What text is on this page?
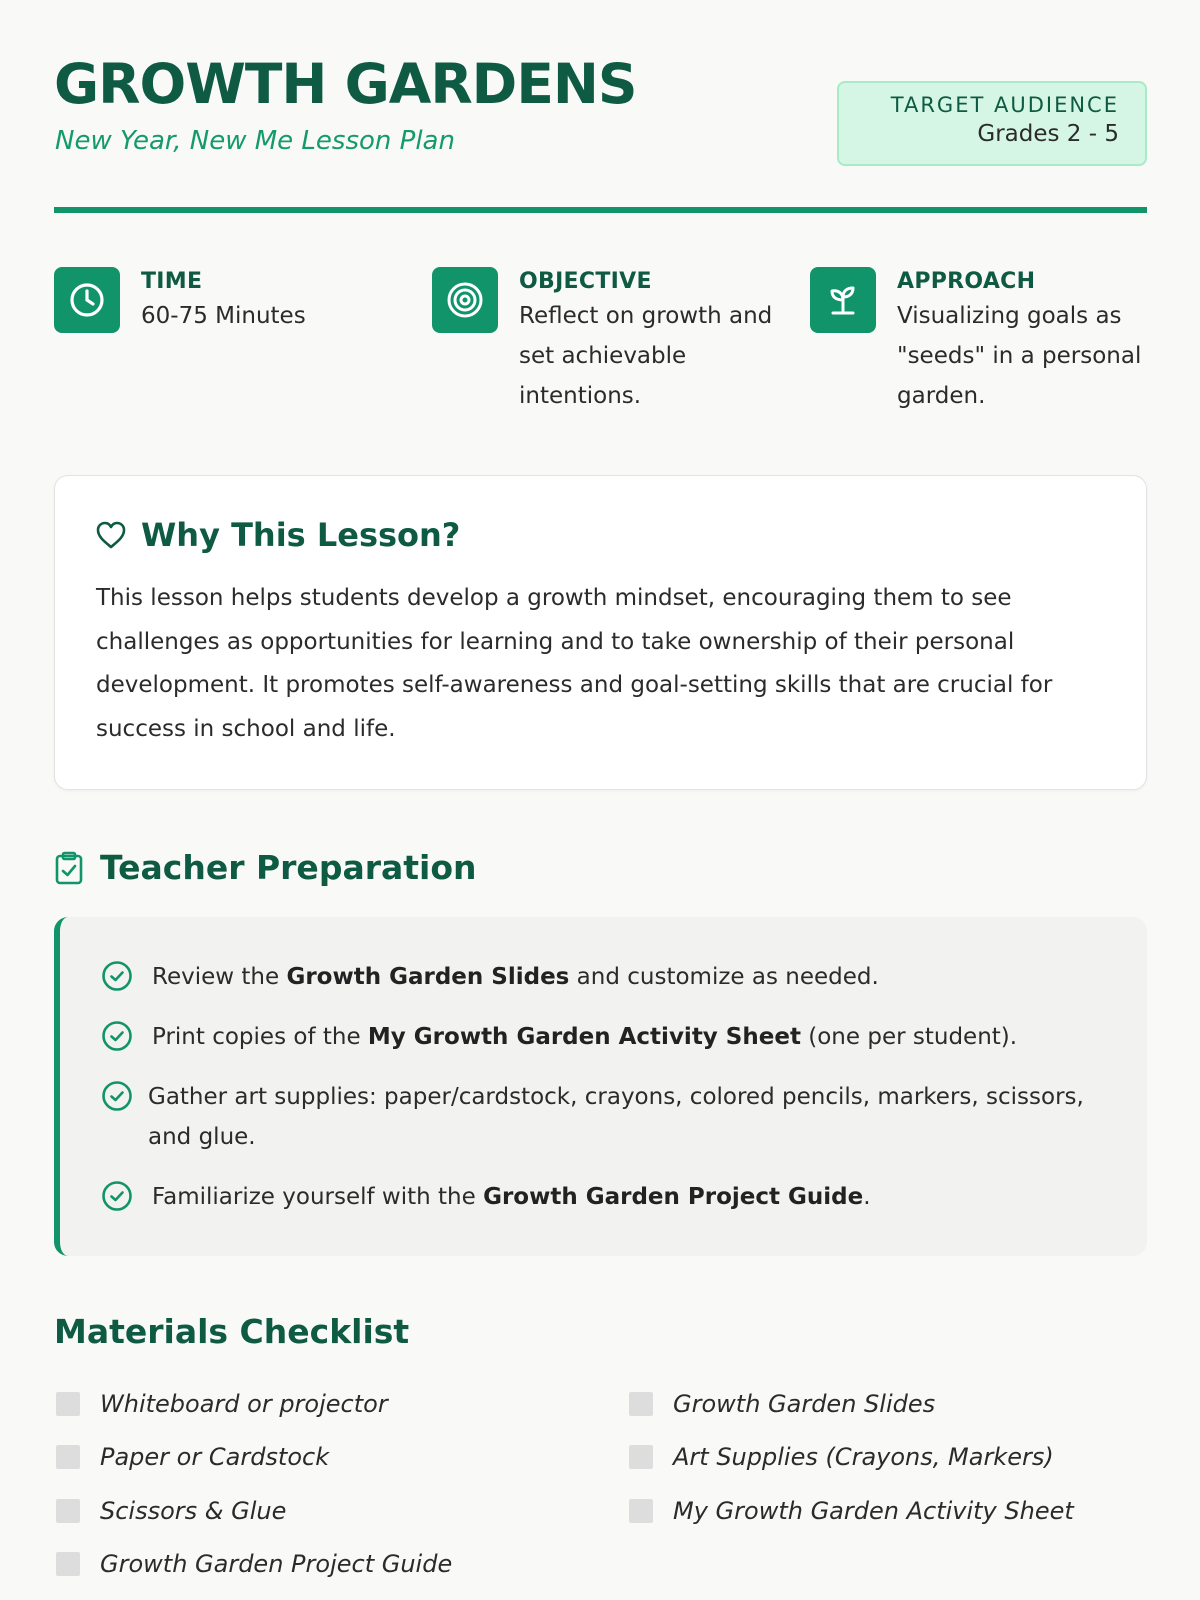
GROWTH GARDENS
New Year, New Me Lesson Plan
TARGET AUDIENCE
Grades 2 - 5
TIME
60-75 Minutes
OBJECTIVE
Reflect on growth and set achievable intentions.
APPROACH
Visualizing goals as "seeds" in a personal garden.
Why This Lesson?
This lesson helps students develop a growth mindset, encouraging them to see challenges as opportunities for learning and to take ownership of their personal development. It promotes self-awareness and goal-setting skills that are crucial for success in school and life.
Teacher Preparation
Review the Growth Garden Slides and customize as needed.
Print copies of the My Growth Garden Activity Sheet (one per student).
Gather art supplies: paper/cardstock, crayons, colored pencils, markers, scissors, and glue.
Familiarize yourself with the Growth Garden Project Guide.
Materials Checklist
Whiteboard or projector
Paper or Cardstock
Scissors & Glue
Growth Garden Project Guide
Growth Garden Slides
Art Supplies (Crayons, Markers)
My Growth Garden Activity Sheet
